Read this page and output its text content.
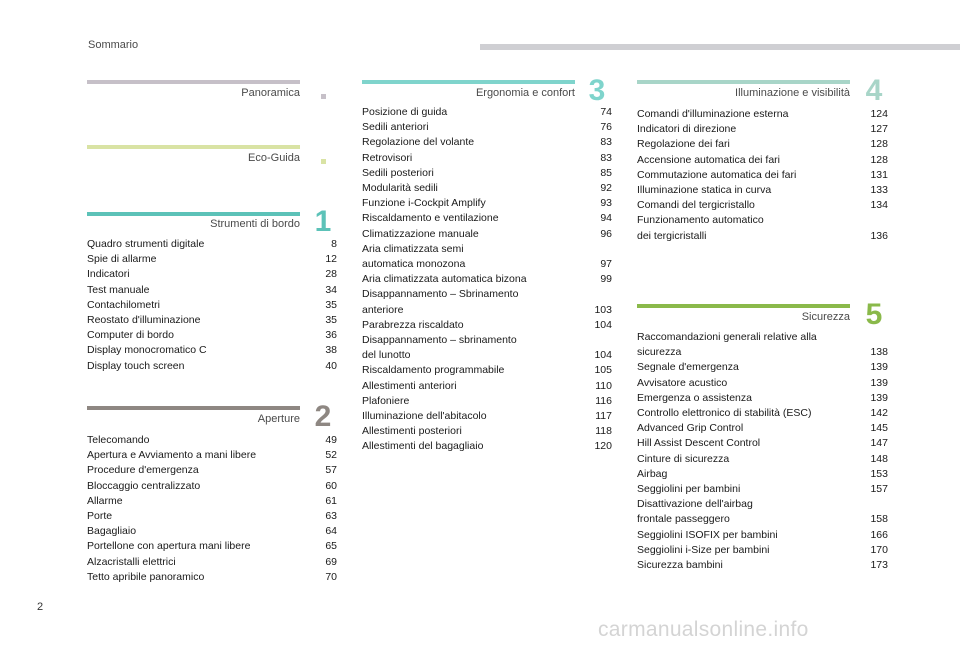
Sommario
Panoramica
Eco-Guida
Strumenti di bordo 1
Quadro strumenti digitale	8
Spie di allarme	12
Indicatori	28
Test manuale	34
Contachilometri	35
Reostato d'illuminazione	35
Computer di bordo	36
Display monocromatico C	38
Display touch screen	40
Aperture 2
Telecomando	49
Apertura e Avviamento a mani libere	52
Procedure d'emergenza	57
Bloccaggio centralizzato	60
Allarme	61
Porte	63
Bagagliaio	64
Portellone con apertura mani libere	65
Alzacristalli elettrici	69
Tetto apribile panoramico	70
Ergonomia e confort 3
Posizione di guida	74
Sedili anteriori	76
Regolazione del volante	83
Retrovisori	83
Sedili posteriori	85
Modularità sedili	92
Funzione i-Cockpit Amplify	93
Riscaldamento e ventilazione	94
Climatizzazione manuale	96
Aria climatizzata semi
automatica monozona	97
Aria climatizzata automatica bizona	99
Disappannamento – Sbrinamento
anteriore	103
Parabrezza riscaldato	104
Disappannamento – sbrinamento
del lunotto	104
Riscaldamento programmabile	105
Allestimenti anteriori	110
Plafoniere	116
Illuminazione dell'abitacolo	117
Allestimenti posteriori	118
Allestimenti del bagagliaio	120
Illuminazione e visibilità 4
Comandi d'illuminazione esterna	124
Indicatori di direzione	127
Regolazione dei fari	128
Accensione automatica dei fari	128
Commutazione automatica dei fari	131
Illuminazione statica in curva	133
Comandi del tergicristallo	134
Funzionamento automatico
dei tergicristalli	136
Sicurezza 5
Raccomandazioni generali relative alla
sicurezza	138
Segnale d'emergenza	139
Avvisatore acustico	139
Emergenza o assistenza	139
Controllo elettronico di stabilità (ESC)	142
Advanced Grip Control	145
Hill Assist Descent Control	147
Cinture di sicurezza	148
Airbag	153
Seggiolini per bambini	157
Disattivazione dell'airbag
frontale passeggero	158
Seggiolini ISOFIX per bambini	166
Seggiolini i-Size per bambini	170
Sicurezza bambini	173
2
carmanualsonline.info
